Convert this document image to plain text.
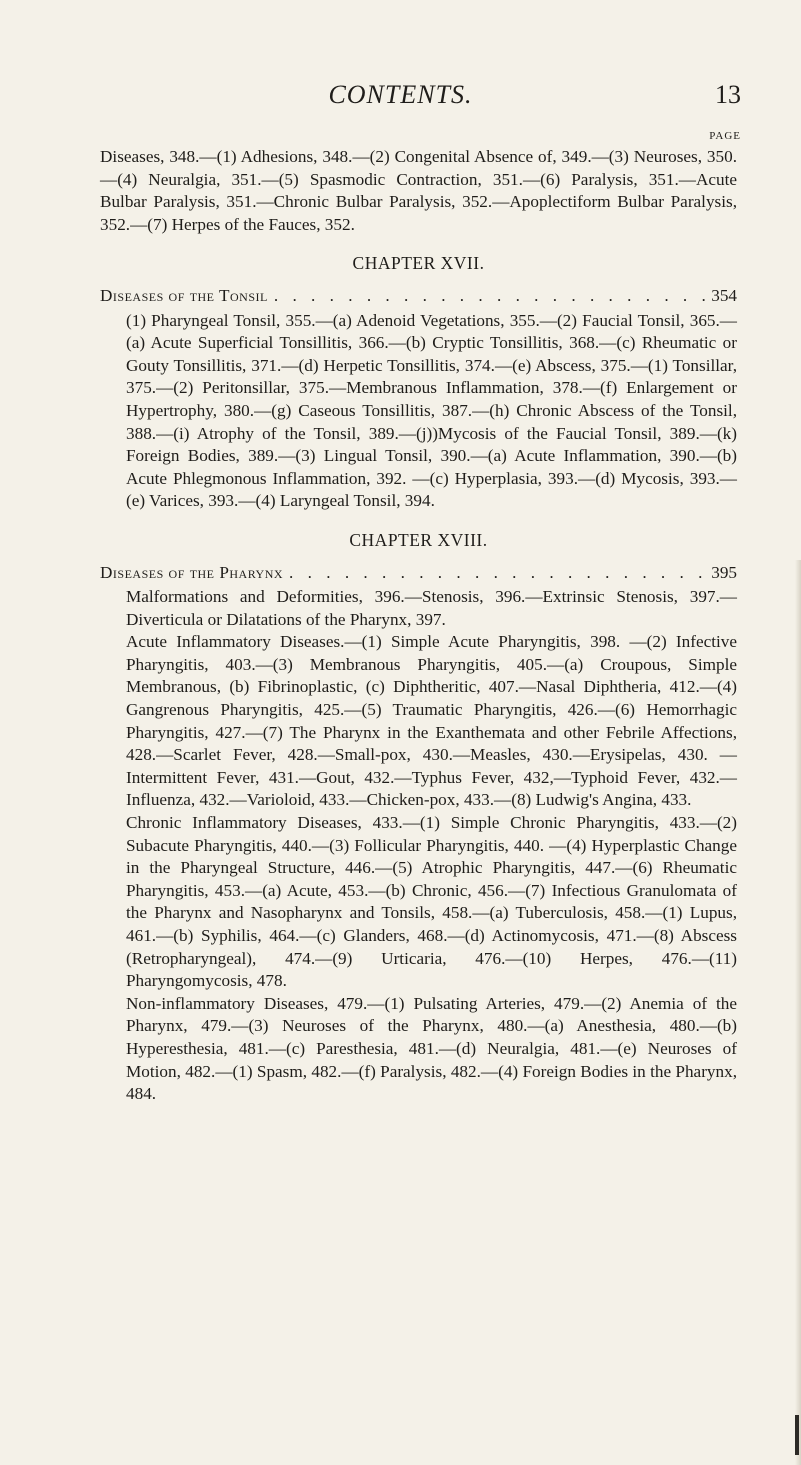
CONTENTS.	13
PAGE

Diseases, 348.—(1) Adhesions, 348.—(2) Congenital Absence of, 349.—(3) Neuroses, 350.—(4) Neuralgia, 351.—(5) Spasmodic Contraction, 351.—(6) Paralysis, 351.—Acute Bulbar Paralysis, 351.—Chronic Bulbar Paralysis, 352.—Apoplectiform Bulbar Paralysis, 352.—(7) Herpes of the Fauces, 352.

CHAPTER XVII.
Diseases of the Tonsil . . .	354

(1) Pharyngeal Tonsil, 355.—(a) Adenoid Vegetations, 355.—(2) Faucial Tonsil, 365.—(a) Acute Superficial Tonsillitis, 366.—(b) Cryptic Tonsillitis, 368.—(c) Rheumatic or Gouty Tonsillitis, 371.—(d) Herpetic Tonsillitis, 374.—(e) Abscess, 375.—(1) Tonsillar, 375.—(2) Peritonsillar, 375.—Membranous Inflammation, 378.—(f) Enlargement or Hypertrophy, 380.—(g) Caseous Tonsillitis, 387.—(h) Chronic Abscess of the Tonsil, 388.—(i) Atrophy of the Tonsil, 389.—(j))Mycosis of the Faucial Tonsil, 389.—(k) Foreign Bodies, 389.—(3) Lingual Tonsil, 390.—(a) Acute Inflammation, 390.—(b) Acute Phlegmonous Inflammation, 392. —(c) Hyperplasia, 393.—(d) Mycosis, 393.—(e) Varices, 393.—(4) Laryngeal Tonsil, 394.

CHAPTER XVIII.
Diseases of the Pharynx . . .	395

Malformations and Deformities, 396.—Stenosis, 396.—Extrinsic Stenosis, 397.—Diverticula or Dilatations of the Pharynx, 397.

Acute Inflammatory Diseases.—(1) Simple Acute Pharyngitis, 398. —(2) Infective Pharyngitis, 403.—(3) Membranous Pharyngitis, 405.—(a) Croupous, Simple Membranous, (b) Fibrinoplastic, (c) Diphtheritic, 407.—Nasal Diphtheria, 412.—(4) Gangrenous Pharyngitis, 425.—(5) Traumatic Pharyngitis, 426.—(6) Hemorrhagic Pharyngitis, 427.—(7) The Pharynx in the Exanthemata and other Febrile Affections, 428.—Scarlet Fever, 428.—Small-pox, 430.—Measles, 430.—Erysipelas, 430. —Intermittent Fever, 431.—Gout, 432.—Typhus Fever, 432,—Typhoid Fever, 432.—Influenza, 432.—Varioloid, 433.—Chicken-pox, 433.—(8) Ludwig's Angina, 433.

Chronic Inflammatory Diseases, 433.—(1) Simple Chronic Pharyngitis, 433.—(2) Subacute Pharyngitis, 440.—(3) Follicular Pharyngitis, 440. —(4) Hyperplastic Change in the Pharyngeal Structure, 446.—(5) Atrophic Pharyngitis, 447.—(6) Rheumatic Pharyngitis, 453.—(a) Acute, 453.—(b) Chronic, 456.—(7) Infectious Granulomata of the Pharynx and Nasopharynx and Tonsils, 458.—(a) Tuberculosis, 458.—(1) Lupus, 461.—(b) Syphilis, 464.—(c) Glanders, 468.—(d) Actinomycosis, 471.—(8) Abscess (Retropharyngeal), 474.—(9) Urticaria, 476.—(10) Herpes, 476.—(11) Pharyngomycosis, 478.

Non-inflammatory Diseases, 479.—(1) Pulsating Arteries, 479.—(2) Anemia of the Pharynx, 479.—(3) Neuroses of the Pharynx, 480.—(a) Anesthesia, 480.—(b) Hyperesthesia, 481.—(c) Paresthesia, 481.—(d) Neuralgia, 481.—(e) Neuroses of Motion, 482.—(1) Spasm, 482.—(f) Paralysis, 482.—(4) Foreign Bodies in the Pharynx, 484.
